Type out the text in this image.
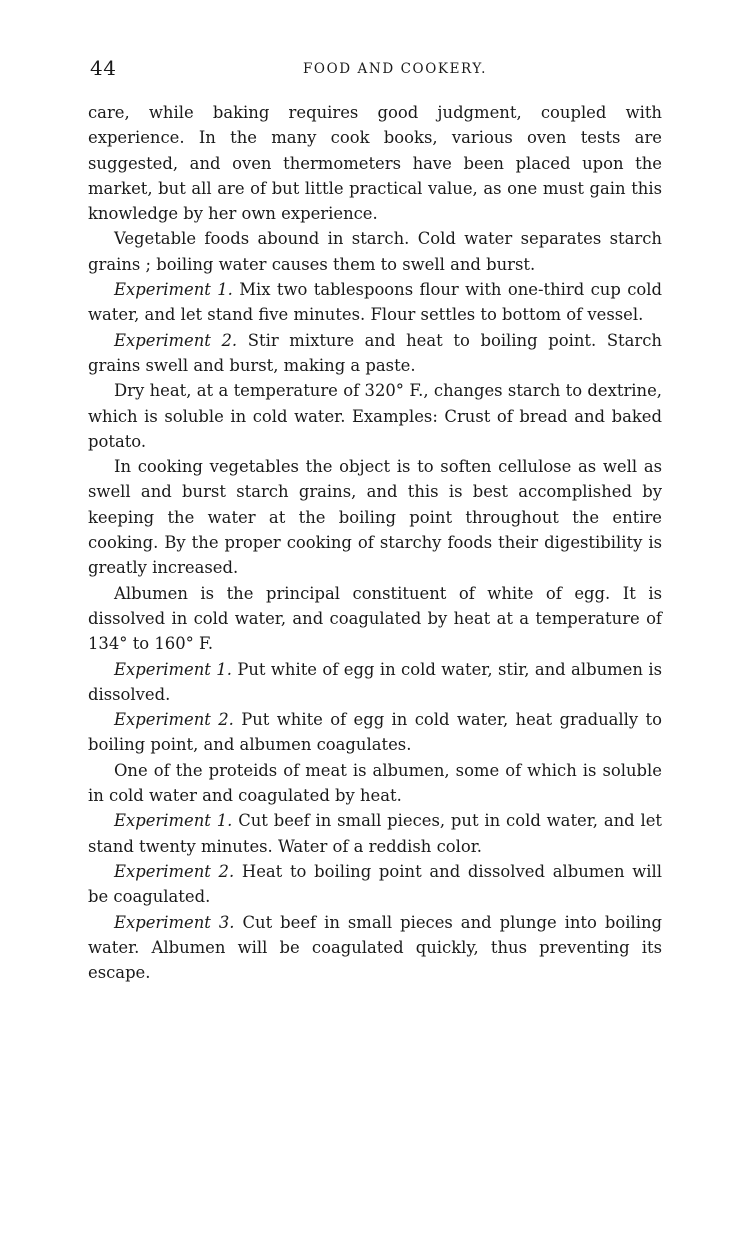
44	FOOD AND COOKERY.

care, while baking requires good judgment, coupled with experience. In the many cook books, various oven tests are suggested, and oven thermometers have been placed upon the market, but all are of but little practical value, as one must gain this knowledge by her own experience.

Vegetable foods abound in starch. Cold water separates starch grains ; boiling water causes them to swell and burst.

Experiment 1. Mix two tablespoons flour with one-third cup cold water, and let stand five minutes. Flour settles to bottom of vessel.

Experiment 2. Stir mixture and heat to boiling point. Starch grains swell and burst, making a paste.

Dry heat, at a temperature of 320° F., changes starch to dextrine, which is soluble in cold water. Examples: Crust of bread and baked potato.

In cooking vegetables the object is to soften cellulose as well as swell and burst starch grains, and this is best accomplished by keeping the water at the boiling point throughout the entire cooking. By the proper cooking of starchy foods their digestibility is greatly increased.

Albumen is the principal constituent of white of egg. It is dissolved in cold water, and coagulated by heat at a temperature of 134° to 160° F.

Experiment 1. Put white of egg in cold water, stir, and albumen is dissolved.

Experiment 2. Put white of egg in cold water, heat gradually to boiling point, and albumen coagulates.

One of the proteids of meat is albumen, some of which is soluble in cold water and coagulated by heat.

Experiment 1. Cut beef in small pieces, put in cold water, and let stand twenty minutes. Water of a reddish color.

Experiment 2. Heat to boiling point and dissolved albumen will be coagulated.

Experiment 3. Cut beef in small pieces and plunge into boiling water. Albumen will be coagulated quickly, thus preventing its escape.
